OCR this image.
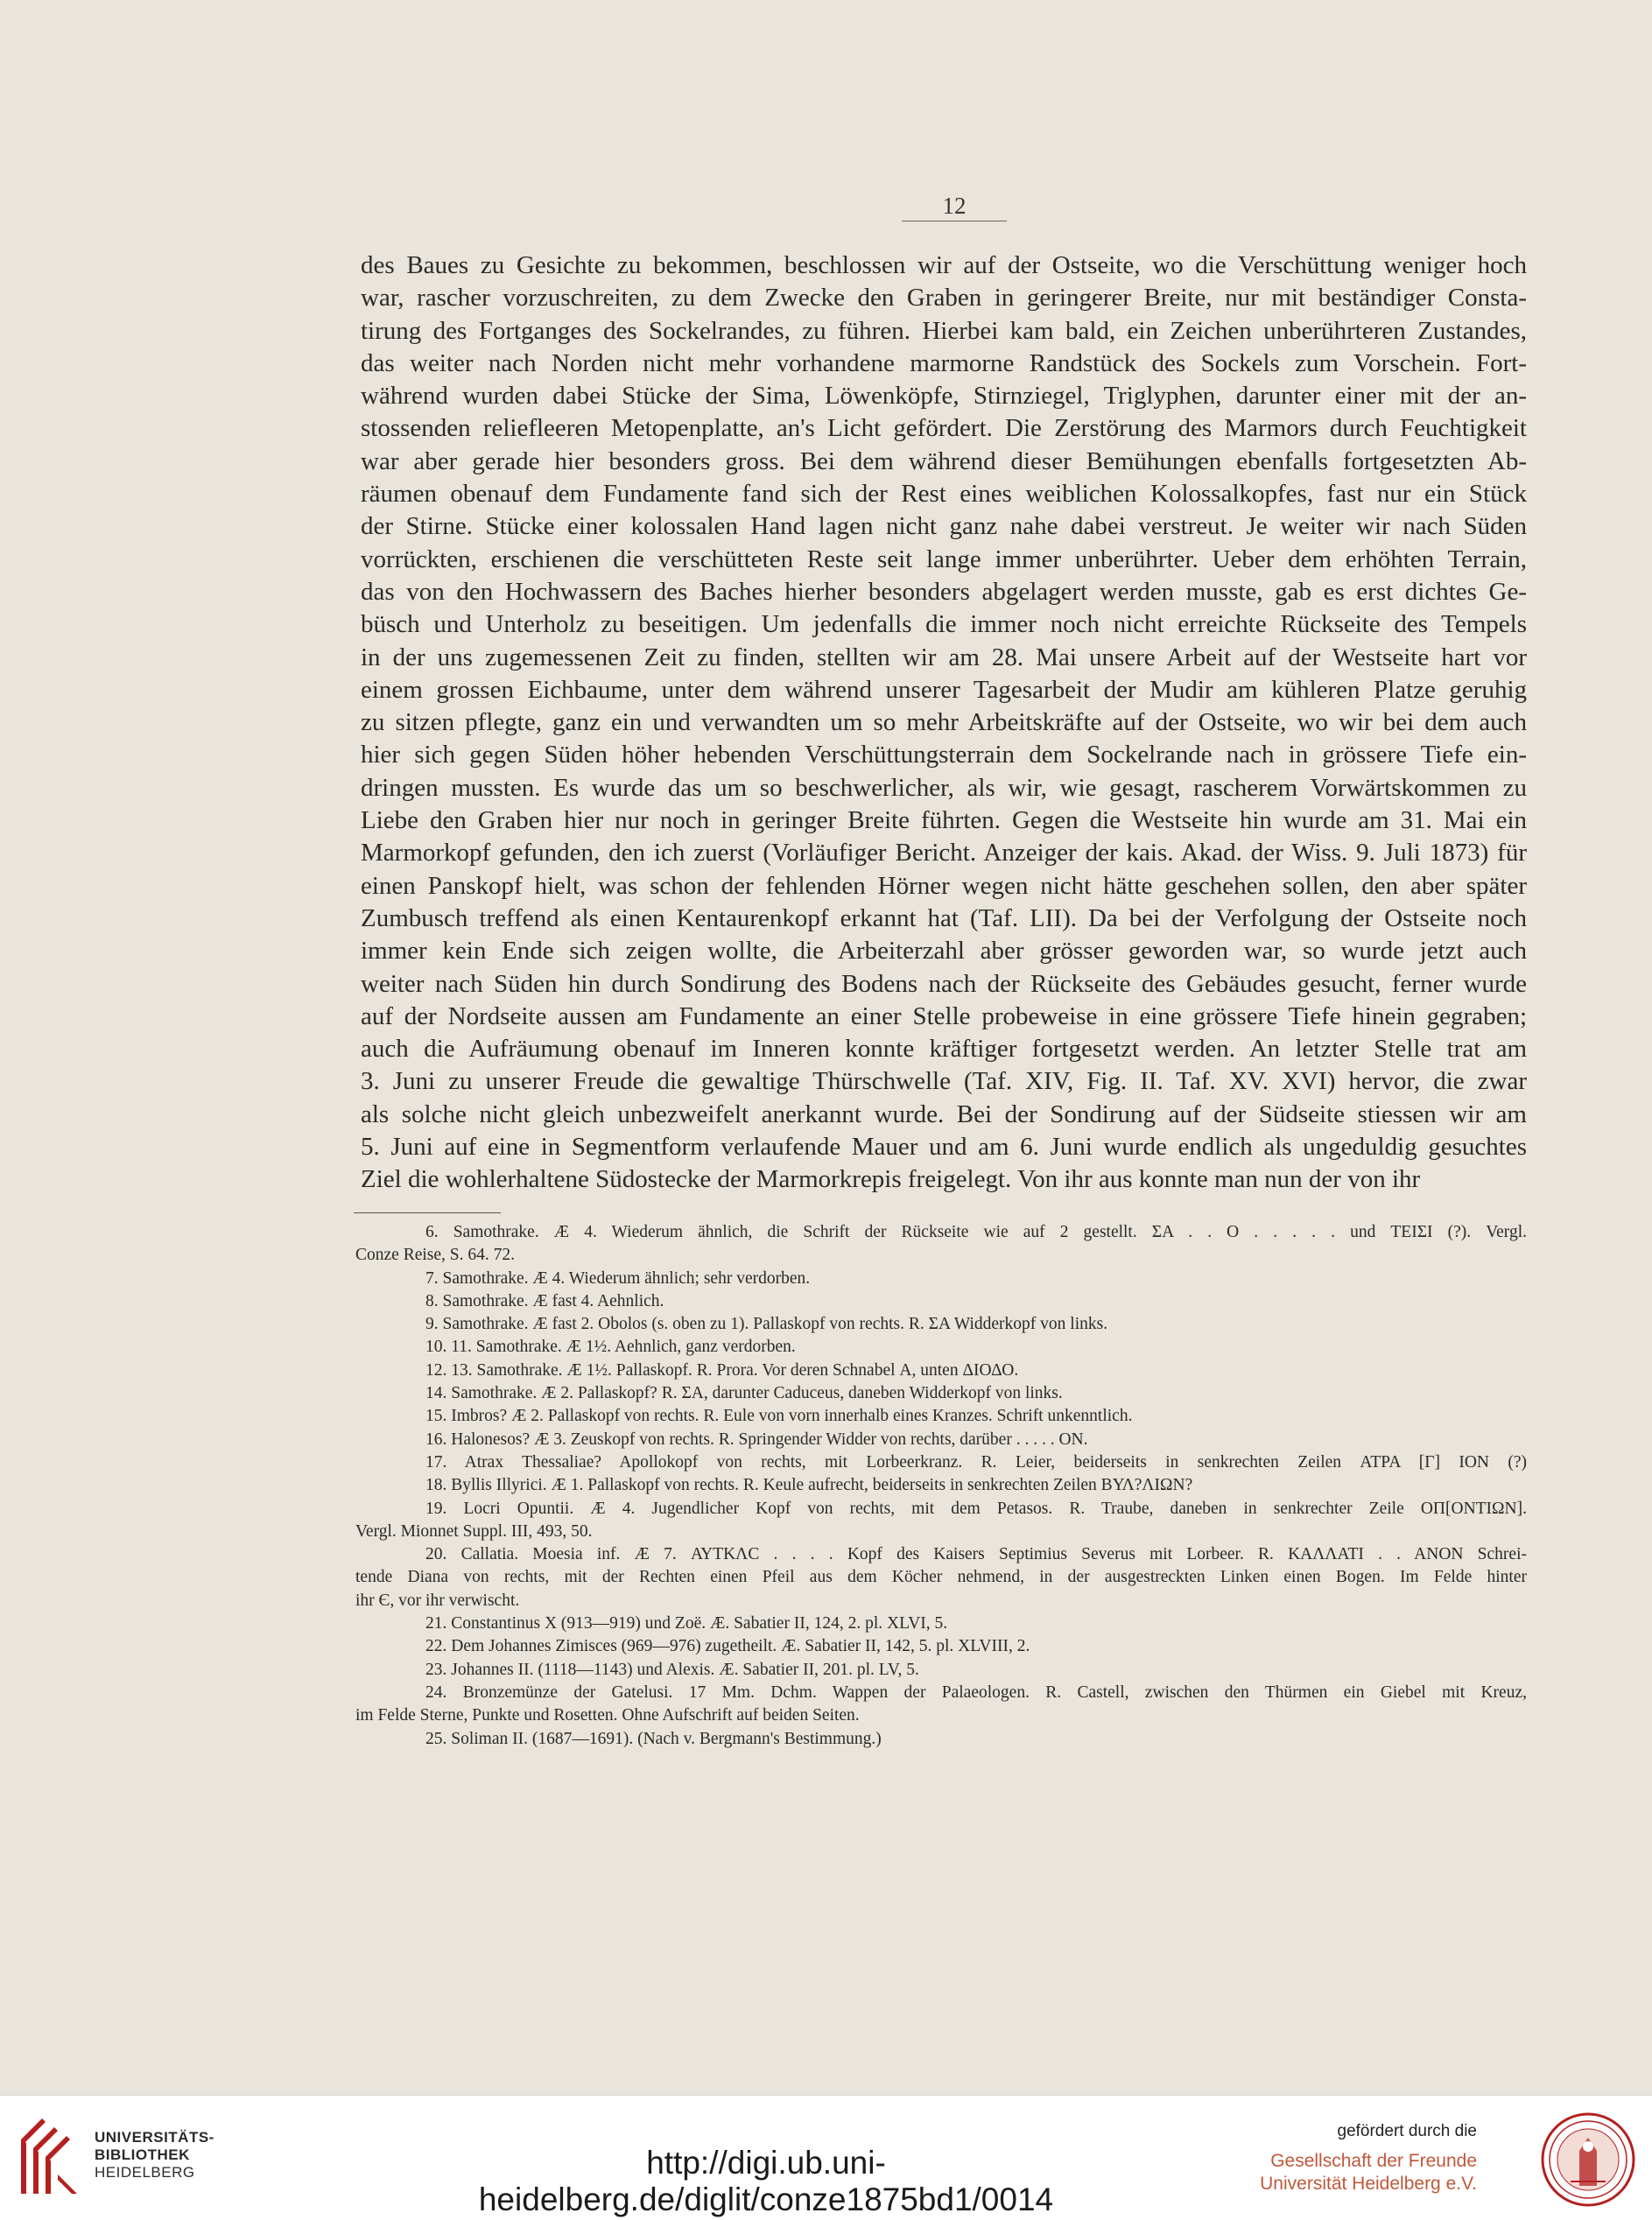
12
des Baues zu Gesichte zu bekommen, beschlossen wir auf der Ostseite, wo die Verschüttung weniger hoch
war, rascher vorzuschreiten, zu dem Zwecke den Graben in geringerer Breite, nur mit beständiger Consta-
tirung des Fortganges des Sockelrandes, zu führen. Hierbei kam bald, ein Zeichen unberührteren Zustandes,
das weiter nach Norden nicht mehr vorhandene marmorne Randstück des Sockels zum Vorschein. Fort-
während wurden dabei Stücke der Sima, Löwenköpfe, Stirnziegel, Triglyphen, darunter einer mit der an-
stossenden reliefleeren Metopenplatte, an's Licht gefördert. Die Zerstörung des Marmors durch Feuchtigkeit
war aber gerade hier besonders gross. Bei dem während dieser Bemühungen ebenfalls fortgesetzten Ab-
räumen obenauf dem Fundamente fand sich der Rest eines weiblichen Kolossalkopfes, fast nur ein Stück
der Stirne. Stücke einer kolossalen Hand lagen nicht ganz nahe dabei verstreut. Je weiter wir nach Süden
vorrückten, erschienen die verschütteten Reste seit lange immer unberührter. Ueber dem erhöhten Terrain,
das von den Hochwassern des Baches hierher besonders abgelagert werden musste, gab es erst dichtes Ge-
büsch und Unterholz zu beseitigen. Um jedenfalls die immer noch nicht erreichte Rückseite des Tempels
in der uns zugemessenen Zeit zu finden, stellten wir am 28. Mai unsere Arbeit auf der Westseite hart vor
einem grossen Eichbaume, unter dem während unserer Tagesarbeit der Mudir am kühleren Platze geruhig
zu sitzen pflegte, ganz ein und verwandten um so mehr Arbeitskräfte auf der Ostseite, wo wir bei dem auch
hier sich gegen Süden höher hebenden Verschüttungsterrain dem Sockelrande nach in grössere Tiefe ein-
dringen mussten. Es wurde das um so beschwerlicher, als wir, wie gesagt, rascherem Vorwärtskommen zu
Liebe den Graben hier nur noch in geringer Breite führten. Gegen die Westseite hin wurde am 31. Mai ein
Marmorkopf gefunden, den ich zuerst (Vorläufiger Bericht. Anzeiger der kais. Akad. der Wiss. 9. Juli 1873) für
einen Panskopf hielt, was schon der fehlenden Hörner wegen nicht hätte geschehen sollen, den aber später
Zumbusch treffend als einen Kentaurenkopf erkannt hat (Taf. LII). Da bei der Verfolgung der Ostseite noch
immer kein Ende sich zeigen wollte, die Arbeiterzahl aber grösser geworden war, so wurde jetzt auch
weiter nach Süden hin durch Sondirung des Bodens nach der Rückseite des Gebäudes gesucht, ferner wurde
auf der Nordseite aussen am Fundamente an einer Stelle probeweise in eine grössere Tiefe hinein gegraben;
auch die Aufräumung obenauf im Inneren konnte kräftiger fortgesetzt werden. An letzter Stelle trat am
3. Juni zu unserer Freude die gewaltige Thürschwelle (Taf. XIV, Fig. II. Taf. XV. XVI) hervor, die zwar
als solche nicht gleich unbezweifelt anerkannt wurde. Bei der Sondirung auf der Südseite stiessen wir am
5. Juni auf eine in Segmentform verlaufende Mauer und am 6. Juni wurde endlich als ungeduldig gesuchtes
Ziel die wohlerhaltene Südostecke der Marmorkrepis freigelegt. Von ihr aus konnte man nun der von ihr
6. Samothrake. Æ 4. Wiederum ähnlich, die Schrift der Rückseite wie auf 2 gestellt. ΣΑ . . Ο . . . . . und ΤΕΙΣΙ (?). Vergl.
Conze Reise, S. 64. 72.
7. Samothrake. Æ 4. Wiederum ähnlich; sehr verdorben.
8. Samothrake. Æ fast 4. Aehnlich.
9. Samothrake. Æ fast 2. Obolos (s. oben zu 1). Pallaskopf von rechts. R. ΣΑ Widderkopf von links.
10. 11. Samothrake. Æ 1½. Aehnlich, ganz verdorben.
12. 13. Samothrake. Æ 1½. Pallaskopf. R. Prora. Vor deren Schnabel Α, unten ΔΙΟΔΟ.
14. Samothrake. Æ 2. Pallaskopf? R. ΣΑ, darunter Caduceus, daneben Widderkopf von links.
15. Imbros? Æ 2. Pallaskopf von rechts. R. Eule von vorn innerhalb eines Kranzes. Schrift unkenntlich.
16. Halonesos? Æ 3. Zeuskopf von rechts. R. Springender Widder von rechts, darüber . . . . . ΟΝ.
17. Atrax Thessaliae? Apollokopf von rechts, mit Lorbeerkranz. R. Leier, beiderseits in senkrechten Zeilen ΑΤΡΑ [Γ] ΙΟΝ (?)
18. Byllis Illyrici. Æ 1. Pallaskopf von rechts. R. Keule aufrecht, beiderseits in senkrechten Zeilen ΒΥΛ?ΛΙΩΝ?
19. Locri Opuntii. Æ 4. Jugendlicher Kopf von rechts, mit dem Petasos. R. Traube, daneben in senkrechter Zeile ΟΠ[ΟΝΤΙΩΝ].
Vergl. Mionnet Suppl. III, 493, 50.
20. Callatia. Moesia inf. Æ 7. ΑΥΤΚΛC . . . . Kopf des Kaisers Septimius Severus mit Lorbeer. R. ΚΑΛΛΑΤΙ . . ΑΝΟΝ Schrei-
tende Diana von rechts, mit der Rechten einen Pfeil aus dem Köcher nehmend, in der ausgestreckten Linken einen Bogen. Im Felde hinter
ihr Є, vor ihr verwischt.
21. Constantinus X (913—919) und Zoë. Æ. Sabatier II, 124, 2. pl. XLVI, 5.
22. Dem Johannes Zimisces (969—976) zugetheilt. Æ. Sabatier II, 142, 5. pl. XLVIII, 2.
23. Johannes II. (1118—1143) und Alexis. Æ. Sabatier II, 201. pl. LV, 5.
24. Bronzemünze der Gatelusi. 17 Mm. Dchm. Wappen der Palaeologen. R. Castell, zwischen den Thürmen ein Giebel mit Kreuz,
im Felde Sterne, Punkte und Rosetten. Ohne Aufschrift auf beiden Seiten.
25. Soliman II. (1687—1691). (Nach v. Bergmann's Bestimmung.)
UNIVERSITÄTS-
BIBLIOTHEK
HEIDELBERG	http://digi.ub.uni-heidelberg.de/diglit/conze1875bd1/0014
gefördert durch die
Gesellschaft der Freunde
Universität Heidelberg e.V.
